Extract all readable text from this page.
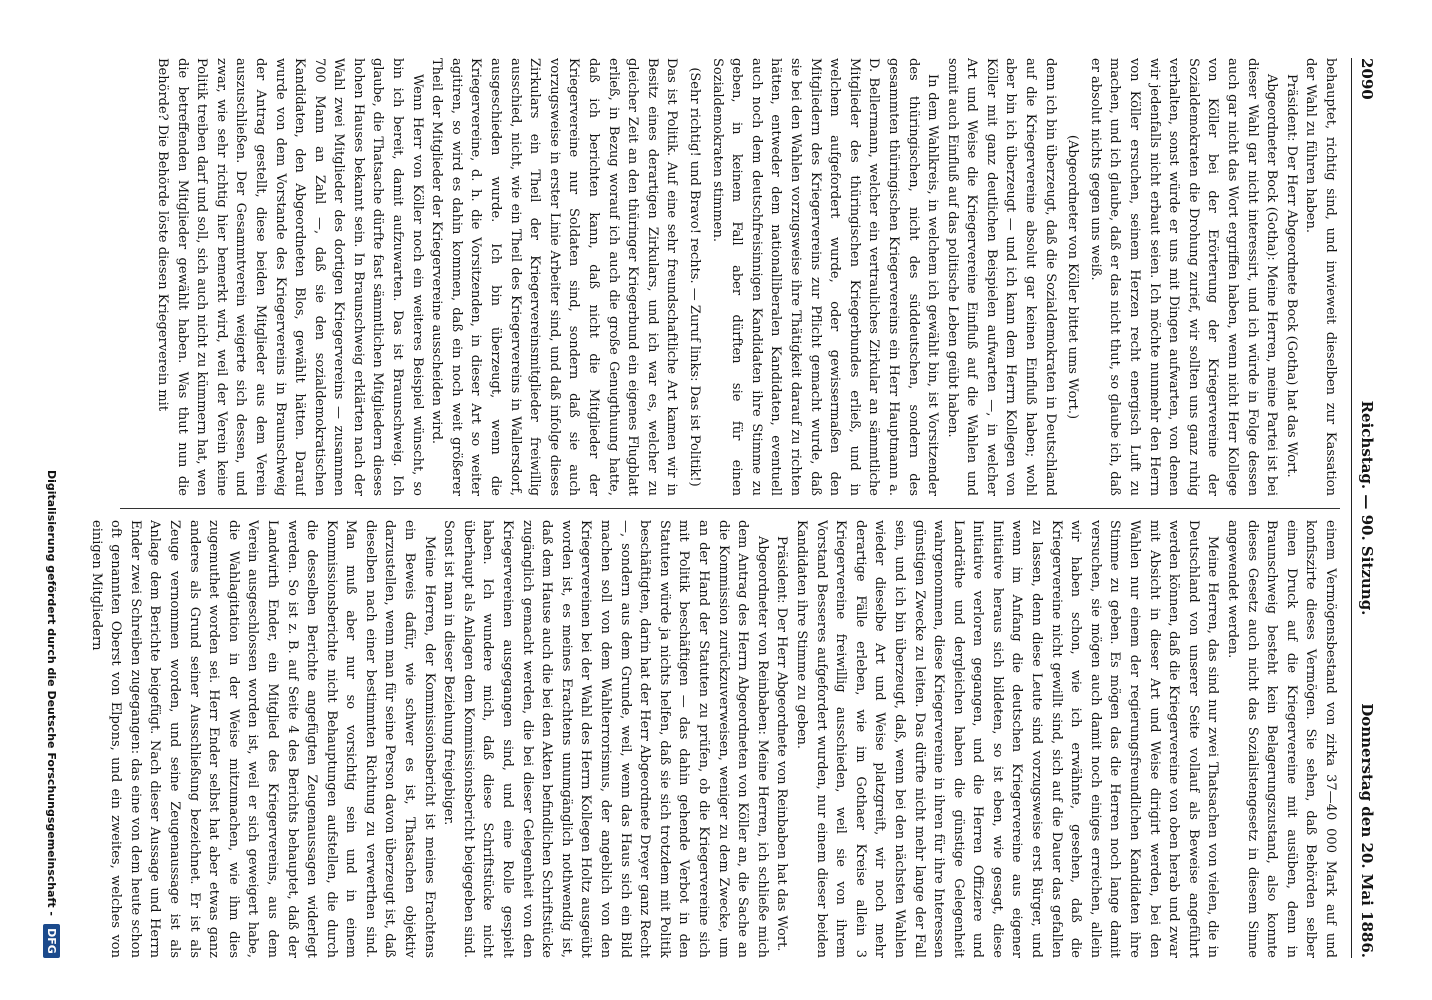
2090
Reichstag. — 90. Sitzung.
Donnerstag den 20. Mai 1886.

behauptet, richtig sind, und inwieweit dieselben zur Kassation der Wahl zu führen haben.

Präsident: Der Herr Abgeordnete Bock (Gotha) hat das Wort.

Abgeordneter Bock (Gotha): Meine Herren, meine Partei ist bei dieser Wahl gar nicht interessirt, und ich würde in Folge dessen auch gar nicht das Wort ergriffen haben, wenn nicht Herr Kollege von Köller bei der Erörterung der Kriegervereine der Sozialdemokraten die Drohung zurief, wir sollten uns ganz ruhig verhalten, sonst würde er uns mit Dingen aufwarten, von denen wir jedenfalls nicht erbaut seien. Ich möchte nunmehr den Herrn von Köller ersuchen, seinem Herzen recht energisch Luft zu machen, und ich glaube, daß er das nicht thut, so glaube ich, daß er absolut nichts gegen uns weiß.

(Abgeordneter von Köller bittet ums Wort.)

denn ich bin überzeugt, daß die Sozialdemokraten in Deutschland auf die Kriegervereine absolut gar keinen Einfluß haben; wohl aber bin ich überzeugt — und ich kann dem Herrn Kollegen von Köller mit ganz deutlichen Beispielen aufwarten —, in welcher Art und Weise die Kriegervereine Einfluß auf die Wahlen und somit auch Einfluß auf das politische Leben geübt haben.

In dem Wahlkreis, in welchem ich gewählt bin, ist Vorsitzender des thüringischen, nicht des süddeutschen, sondern des gesammten thüringischen Kriegervereins ein Herr Hauptmann a. D. Bellermann, welcher ein vertrauliches Zirkular an sämmtliche Mitglieder des thüringischen Kriegerbundes erließ, und in welchem aufgefordert wurde, oder gewissermaßen den Mitgliedern des Kriegervereins zur Pflicht gemacht wurde, daß sie bei den Wahlen vorzugsweise ihre Thätigkeit darauf zu richten hätten, entweder dem nationalliberalen Kandidaten, eventuell auch noch dem deutschfreisinnigen Kandidaten ihre Stimme zu geben, in keinem Fall aber dürften sie für einen Sozialdemokraten stimmen.

(Sehr richtig! und Bravo! rechts. — Zuruf links: Das ist Politik!)

Das ist Politik. Auf eine sehr freundschaftliche Art kamen wir in Besitz eines derartigen Zirkulars, und ich war es, welcher zu gleicher Zeit an den thüringer Kriegerbund ein eigenes Flugblatt erließ, in Bezug worauf ich auch die große Genugthuung hatte, daß ich berichten kann, daß nicht die Mitglieder der Kriegervereine nur Soldaten sind, sondern daß sie auch vorzugsweise in erster Linie Arbeiter sind, und daß infolge dieses Zirkulars ein Theil der Kriegervereinsmitglieder freiwillig ausschied, nicht, wie ein Theil des Kriegervereins in Wallersdorf, ausgeschieden wurde. Ich bin überzeugt, wenn die Kriegervereine, d. h. die Vorsitzenden, in dieser Art so weiter agitiren, so wird es dahin kommen, daß ein noch weit größerer Theil der Mitglieder der Kriegervereine ausscheiden wird.

Wenn Herr von Köller noch ein weiteres Beispiel wünscht, so bin ich bereit, damit aufzuwarten. Das ist Braunschweig. Ich glaube, die Thatsache dürfte fast sämmtlichen Mitgliedern dieses hohen Hauses bekannt sein. In Braunschweig erklärten nach der Wahl zwei Mitglieder des dortigen Kriegervereins — zusammen 700 Mann an Zahl —, daß sie den sozialdemokratischen Kandidaten, den Abgeordneten Blos, gewählt hätten. Darauf wurde von dem Vorstande des Kriegervereins in Braunschweig der Antrag gestellt, diese beiden Mitglieder aus dem Verein auszuschließen. Der Gesammtverein weigerte sich dessen, und zwar, wie sehr richtig hier bemerkt wird, weil der Verein keine Politik treiben darf und soll, sich auch nicht zu kümmern hat, wen die betreffenden Mitglieder gewählt haben. Was thut nun die Behörde? Die Behörde löste diesen Kriegerverein mit

einem Vermögensbestand von zirka 37—40 000 Mark auf und konfiszirte dieses Vermögen. Sie sehen, daß Behörden selber einen Druck auf die Kriegervereine mit ausüben, denn in Braunschweig besteht kein Belagerungszustand, also konnte dieses Gesetz auch nicht das Sozialistengesetz in diesem Sinne angewendet werden.

Meine Herren, das sind nur zwei Thatsachen von vielen, die in Deutschland von unserer Seite vollauf als Beweise angeführt werden können, daß die Kriegervereine von oben herab und zwar mit Absicht in dieser Art und Weise dirigirt werden, bei den Wahlen nur einem der regierungsfreundlichen Kandidaten ihre Stimme zu geben. Es mögen das die Herren noch lange damit versuchen, sie mögen auch damit noch einiges erreichen, allein wir haben schon, wie ich erwähnte, gesehen, daß die Kriegervereine nicht gewillt sind, sich auf die Dauer das gefallen zu lassen, denn diese Leute sind vorzugsweise erst Bürger, und wenn im Anfang die deutschen Kriegervereine aus eigener Initiative heraus sich bildeten, so ist eben, wie gesagt, diese Initiative verloren gegangen, und die Herren Offiziere und Landräthe und dergleichen haben die günstige Gelegenheit wahrgenommen, diese Kriegervereine in ihren für ihre Interessen günstigen Zwecke zu leiten. Das dürfte nicht mehr lange der Fall sein, und ich bin überzeugt, daß, wenn bei den nächsten Wahlen wieder dieselbe Art und Weise platzgreift, wir noch mehr derartige Fälle erleben, wie im Gothaer Kreise allein 3 Kriegervereine freiwillig ausschieden, weil sie von ihrem Vorstand Besseres aufgefordert wurden, nur einem dieser beiden Kandidaten ihre Stimme zu geben.

Präsident: Der Herr Abgeordnete von Reinbaben hat das Wort.

Abgeordneter von Reinbaben: Meine Herren, ich schließe mich dem Antrag des Herrn Abgeordneten von Köller an, die Sache an die Kommission zurückzuverweisen, weniger zu dem Zwecke, um an der Hand der Statuten zu prüfen, ob die Kriegervereine sich mit Politik beschäftigen — das dahin gehende Verbot in den Statuten würde ja nichts helfen, daß sie sich trotzdem mit Politik beschäftigten, darin hat der Herr Abgeordnete Dreyer ganz Recht —, sondern aus dem Grunde, weil, wenn das Haus sich ein Bild machen soll von dem Wahlterrorismus, der angeblich von den Kriegervereinen bei der Wahl des Herrn Kollegen Holtz ausgeübt worden ist, es meines Erachtens unumgänglich nothwendig ist, daß dem Hause auch die bei den Akten befindlichen Schriftstücke zugänglich gemacht werden, die bei dieser Gelegenheit von den Kriegervereinen ausgegangen sind, und eine Rolle gespielt haben. Ich wundere mich, daß diese Schriftstücke nicht überhaupt als Anlagen dem Kommissionsbericht beigegeben sind. Sonst ist man in dieser Beziehung freigebiger.

Meine Herren, der Kommissionsbericht ist meines Erachtens ein Beweis dafür, wie schwer es ist, Thatsachen objektiv darzustellen, wenn man für seine Person davon überzeugt ist, daß dieselben nach einer bestimmten Richtung zu verwerthen sind. Man muß aber nur so vorsichtig sein und in einem Kommissionsberichte nicht Behauptungen aufstellen, die durch die desselben Berichte angefügten Zeugenaussagen widerlegt werden. So ist z. B. auf Seite 4 des Berichts behauptet, daß der Landwirth Ender, ein Mitglied des Kriegervereins, aus dem Verein ausgeschlossen worden ist, weil er sich geweigert habe, die Wahlagitation in der Weise mitzumachen, wie ihm dies zugemuthet worden sei. Herr Ender selbst hat aber etwas ganz anderes als Grund seiner Ausschließung bezeichnet. Er ist als Zeuge vernommen worden, und seine Zeugenaussage ist als Anlage dem Berichte beigefügt. Nach dieser Aussage und Herrn Ender zwei Schreiben zugegangen: das eine von dem heute schon oft genannten Oberst von Elpons, und ein zweites, welches von einigen Mitgliedern

Digitalisierung gefördert durch die Deutsche Forschungsgemeinschaft -
DFG
